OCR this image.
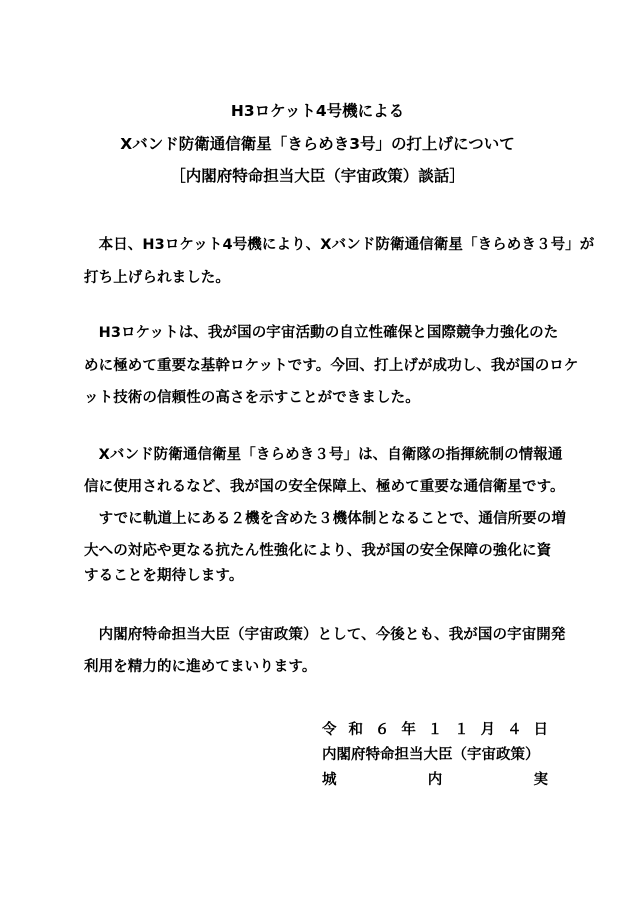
H3ロケット4号機による
Xバンド防衛通信衛星「きらめき3号」の打上げについて
［内閣府特命担当大臣（宇宙政策）談話］
　本日、H3ロケット4号機により、Xバンド防衛通信衛星「きらめき３号」が
打ち上げられました。
　H3ロケットは、我が国の宇宙活動の自立性確保と国際競争力強化のた
めに極めて重要な基幹ロケットです。今回、打上げが成功し、我が国のロケ
ット技術の信頼性の高さを示すことができました。
　Xバンド防衛通信衛星「きらめき３号」は、自衛隊の指揮統制の情報通
信に使用されるなど、我が国の安全保障上、極めて重要な通信衛星です。
　すでに軌道上にある２機を含めた３機体制となることで、通信所要の増
大への対応や更なる抗たん性強化により、我が国の安全保障の強化に資
することを期待します。
　内閣府特命担当大臣（宇宙政策）として、今後とも、我が国の宇宙開発
利用を精力的に進めてまいります。
令 和 ６ 年 １ １ 月 ４ 日
内閣府特命担当大臣（宇宙政策）
城	内	実
